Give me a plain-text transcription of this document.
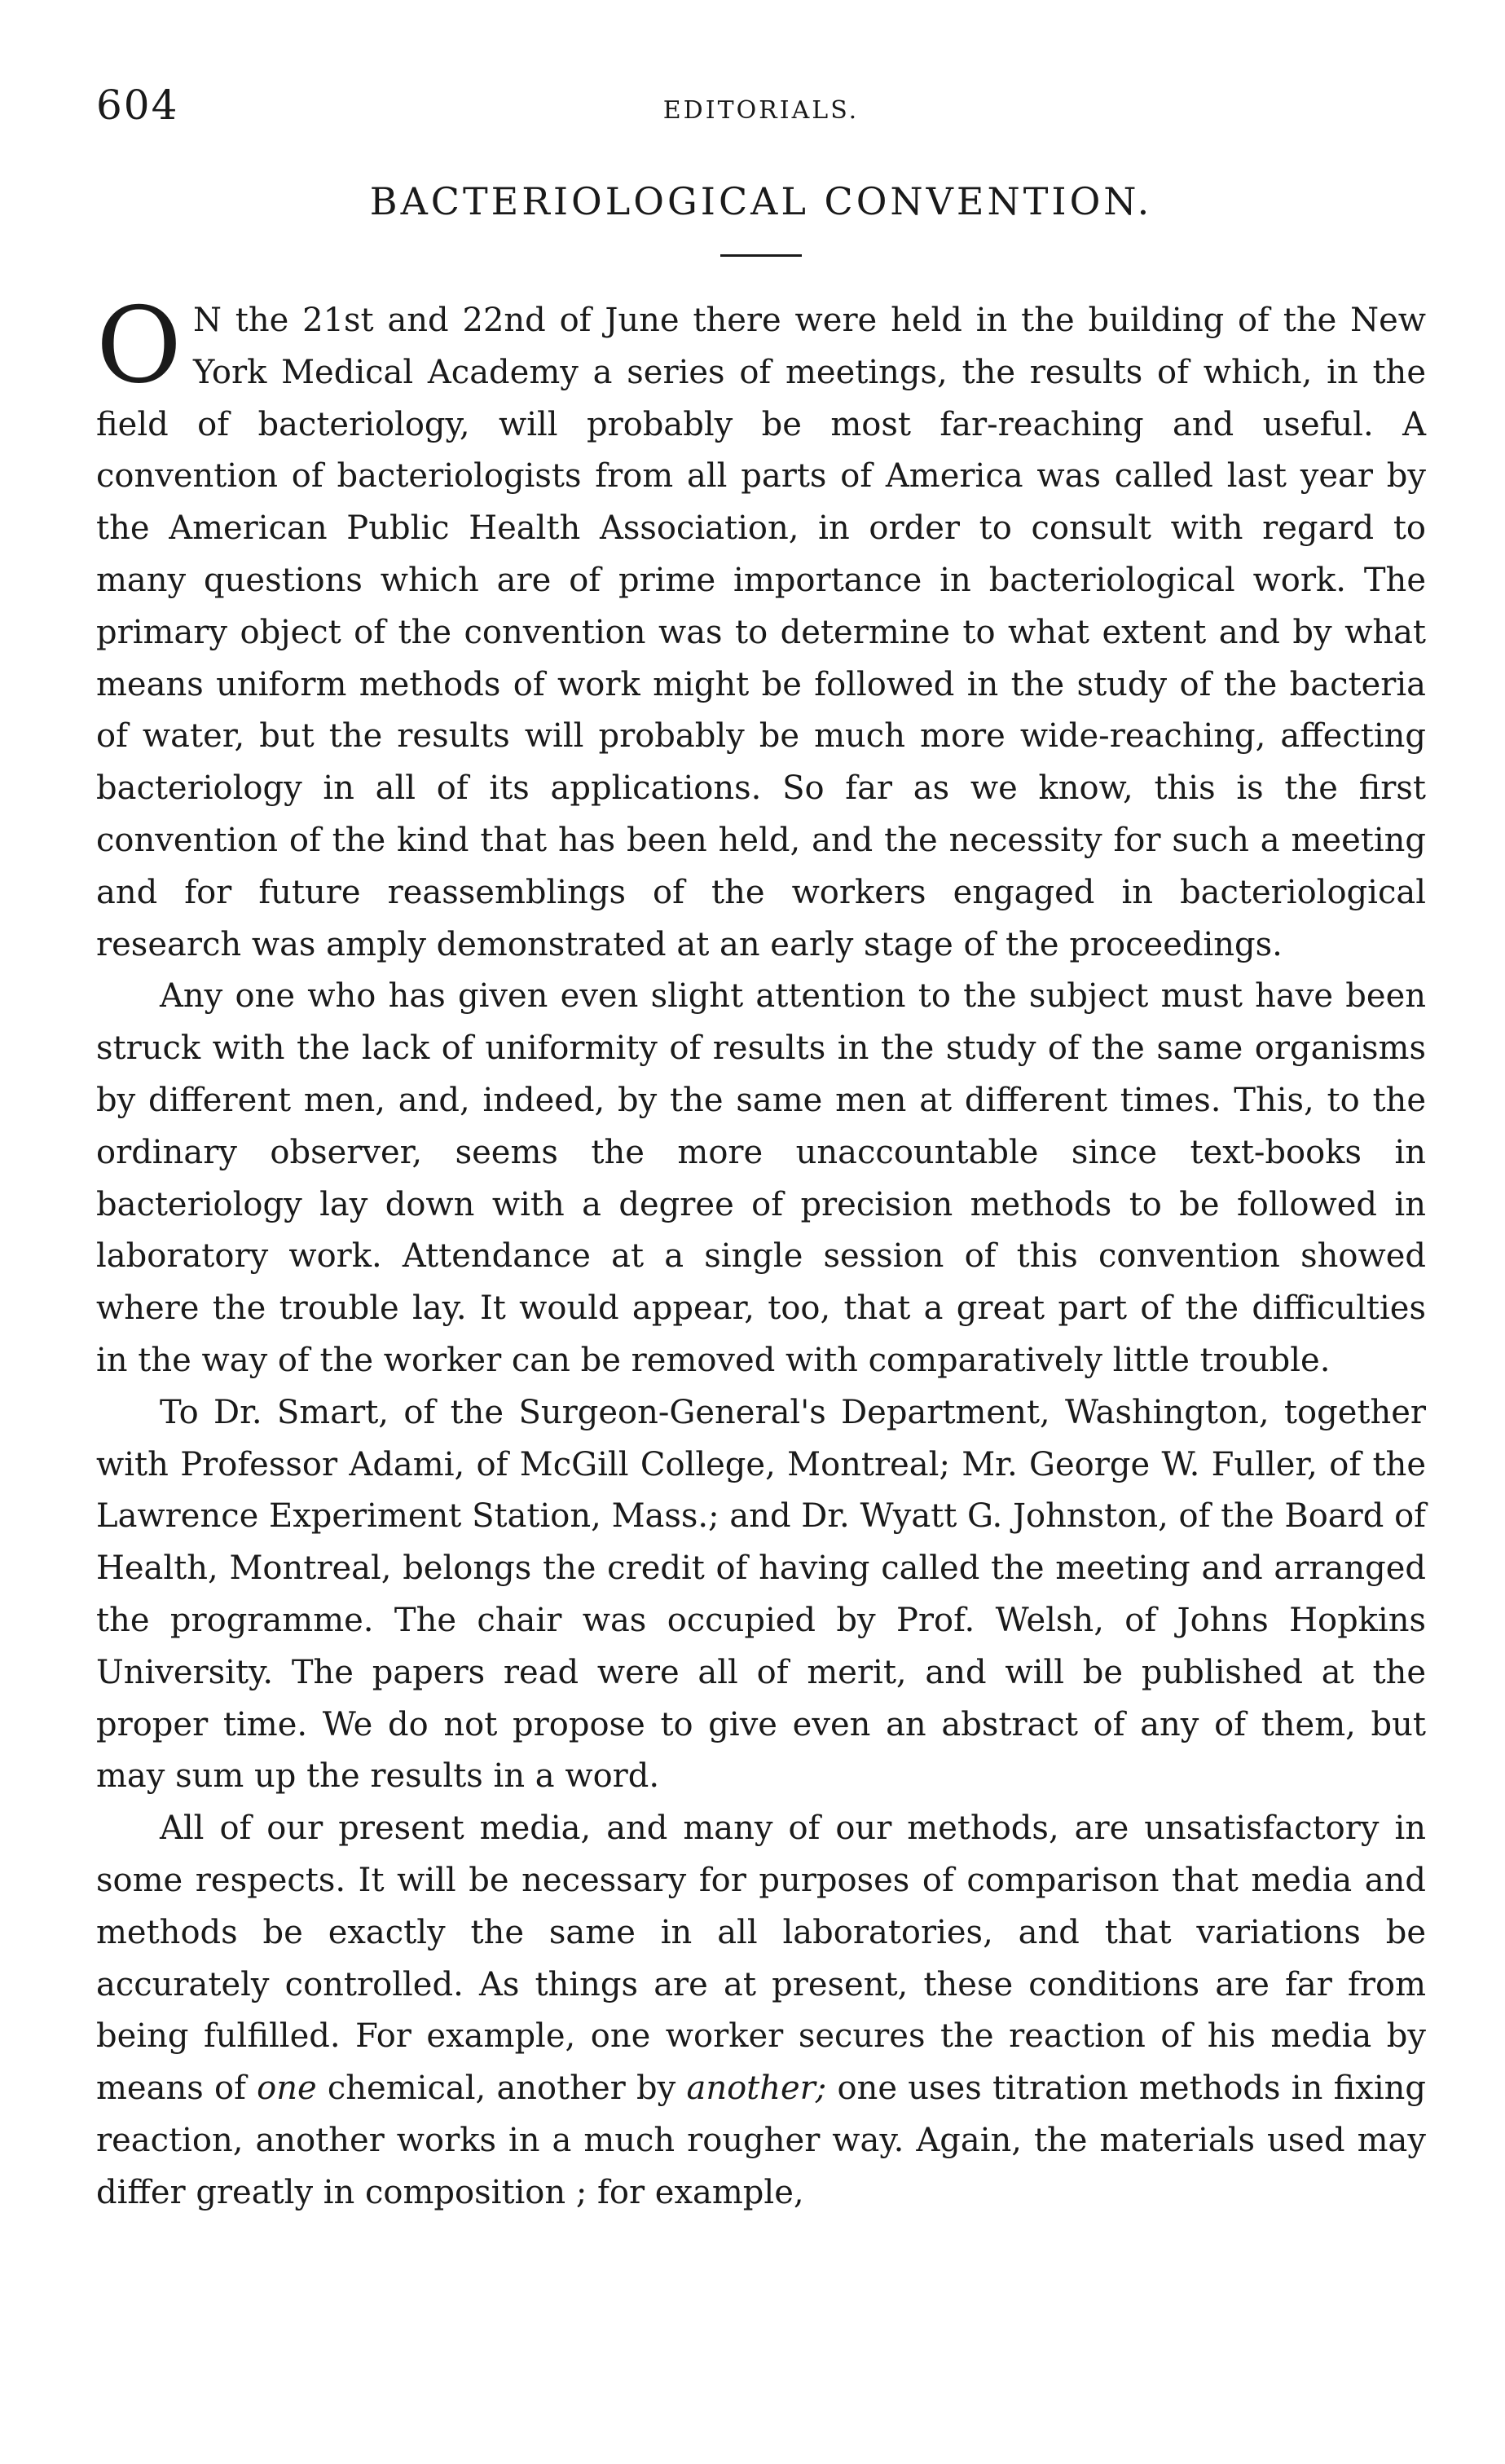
604	EDITORIALS.
BACTERIOLOGICAL CONVENTION.

O N the 21st and 22nd of June there were held in the building of the New York Medical Academy a series of meetings, the results of which, in the field of bacteriology, will probably be most far-reaching and useful. A convention of bacteriologists from all parts of America was called last year by the American Public Health Association, in order to consult with regard to many questions which are of prime importance in bacteriological work. The primary object of the convention was to determine to what extent and by what means uniform methods of work might be followed in the study of the bacteria of water, but the results will probably be much more wide-reaching, affecting bacteriology in all of its applications. So far as we know, this is the first convention of the kind that has been held, and the necessity for such a meeting and for future reassemblings of the workers engaged in bacteriological research was amply demonstrated at an early stage of the proceedings.

Any one who has given even slight attention to the subject must have been struck with the lack of uniformity of results in the study of the same organisms by different men, and, indeed, by the same men at different times. This, to the ordinary observer, seems the more unaccountable since text-books in bacteriology lay down with a degree of precision methods to be followed in laboratory work. Attendance at a single session of this convention showed where the trouble lay. It would appear, too, that a great part of the difficulties in the way of the worker can be removed with comparatively little trouble.

To Dr. Smart, of the Surgeon-General's Department, Washington, together with Professor Adami, of McGill College, Montreal; Mr. George W. Fuller, of the Lawrence Experiment Station, Mass.; and Dr. Wyatt G. Johnston, of the Board of Health, Montreal, belongs the credit of having called the meeting and arranged the programme. The chair was occupied by Prof. Welsh, of Johns Hopkins University. The papers read were all of merit, and will be published at the proper time. We do not propose to give even an abstract of any of them, but may sum up the results in a word.

All of our present media, and many of our methods, are unsatisfactory in some respects. It will be necessary for purposes of comparison that media and methods be exactly the same in all laboratories, and that variations be accurately controlled. As things are at present, these conditions are far from being fulfilled. For example, one worker secures the reaction of his media by means of one chemical, another by another; one uses titration methods in fixing reaction, another works in a much rougher way. Again, the materials used may differ greatly in composition ; for example,
